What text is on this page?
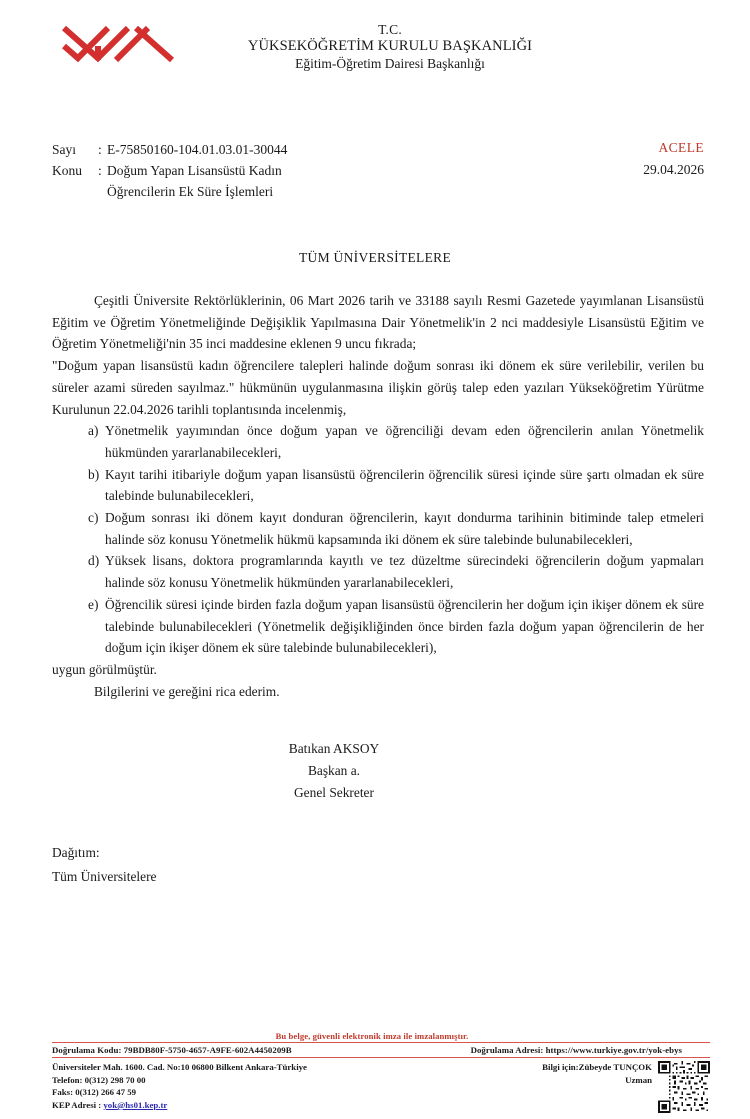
T.C.
YÜKSEKÖĞRETİM KURULU BAŞKANLIĞI
Eğitim-Öğretim Dairesi Başkanlığı
ACELE
29.04.2026
Sayı	: E-75850160-104.01.03.01-30044
Konu	: Doğum Yapan Lisansüstü Kadın
Öğrencilerin Ek Süre İşlemleri
TÜM ÜNİVERSİTELERE

Çeşitli Üniversite Rektörlüklerinin, 06 Mart 2026 tarih ve 33188 sayılı Resmi Gazetede yayımlanan Lisansüstü Eğitim ve Öğretim Yönetmeliğinde Değişiklik Yapılmasına Dair Yönetmelik'in 2 nci maddesiyle Lisansüstü Eğitim ve Öğretim Yönetmeliği'nin 35 inci maddesine eklenen 9 uncu fıkrada;

"Doğum yapan lisansüstü kadın öğrencilere talepleri halinde doğum sonrası iki dönem ek süre verilebilir, verilen bu süreler azami süreden sayılmaz." hükmünün uygulanmasına ilişkin görüş talep eden yazıları Yükseköğretim Yürütme Kurulunun 22.04.2026 tarihli toplantısında incelenmiş,

a) Yönetmelik yayımından önce doğum yapan ve öğrenciliği devam eden öğrencilerin anılan Yönetmelik hükmünden yararlanabilecekleri,
b) Kayıt tarihi itibariyle doğum yapan lisansüstü öğrencilerin öğrencilik süresi içinde süre şartı olmadan ek süre talebinde bulunabilecekleri,
c) Doğum sonrası iki dönem kayıt donduran öğrencilerin, kayıt dondurma tarihinin bitiminde talep etmeleri halinde söz konusu Yönetmelik hükmü kapsamında iki dönem ek süre talebinde bulunabilecekleri,
d) Yüksek lisans, doktora programlarında kayıtlı ve tez düzeltme sürecindeki öğrencilerin doğum yapmaları halinde söz konusu Yönetmelik hükmünden yararlanabilecekleri,
e) Öğrencilik süresi içinde birden fazla doğum yapan lisansüstü öğrencilerin her doğum için ikişer dönem ek süre talebinde bulunabilecekleri (Yönetmelik değişikliğinden önce birden fazla doğum yapan öğrencilerin de her doğum için ikişer dönem ek süre talebinde bulunabilecekleri),

uygun görülmüştür.

Bilgilerini ve gereğini rica ederim.

Batıkan AKSOY
Başkan a.
Genel Sekreter
Dağıtım:
Tüm Üniversitelere
Bu belge, güvenli elektronik imza ile imzalanmıştır.
Doğrulama Kodu: 79BDB80F-5750-4657-A9FE-602A4450209B	Doğrulama Adresi: https://www.turkiye.gov.tr/yok-ebys
Üniversiteler Mah. 1600. Cad. No:10 06800 Bilkent Ankara-Türkiye
Telefon: 0(312) 298 70 00
Faks: 0(312) 266 47 59
KEP Adresi : yok@hs01.kep.tr
Bilgi için:Zübeyde TUNÇOK
Uzman
